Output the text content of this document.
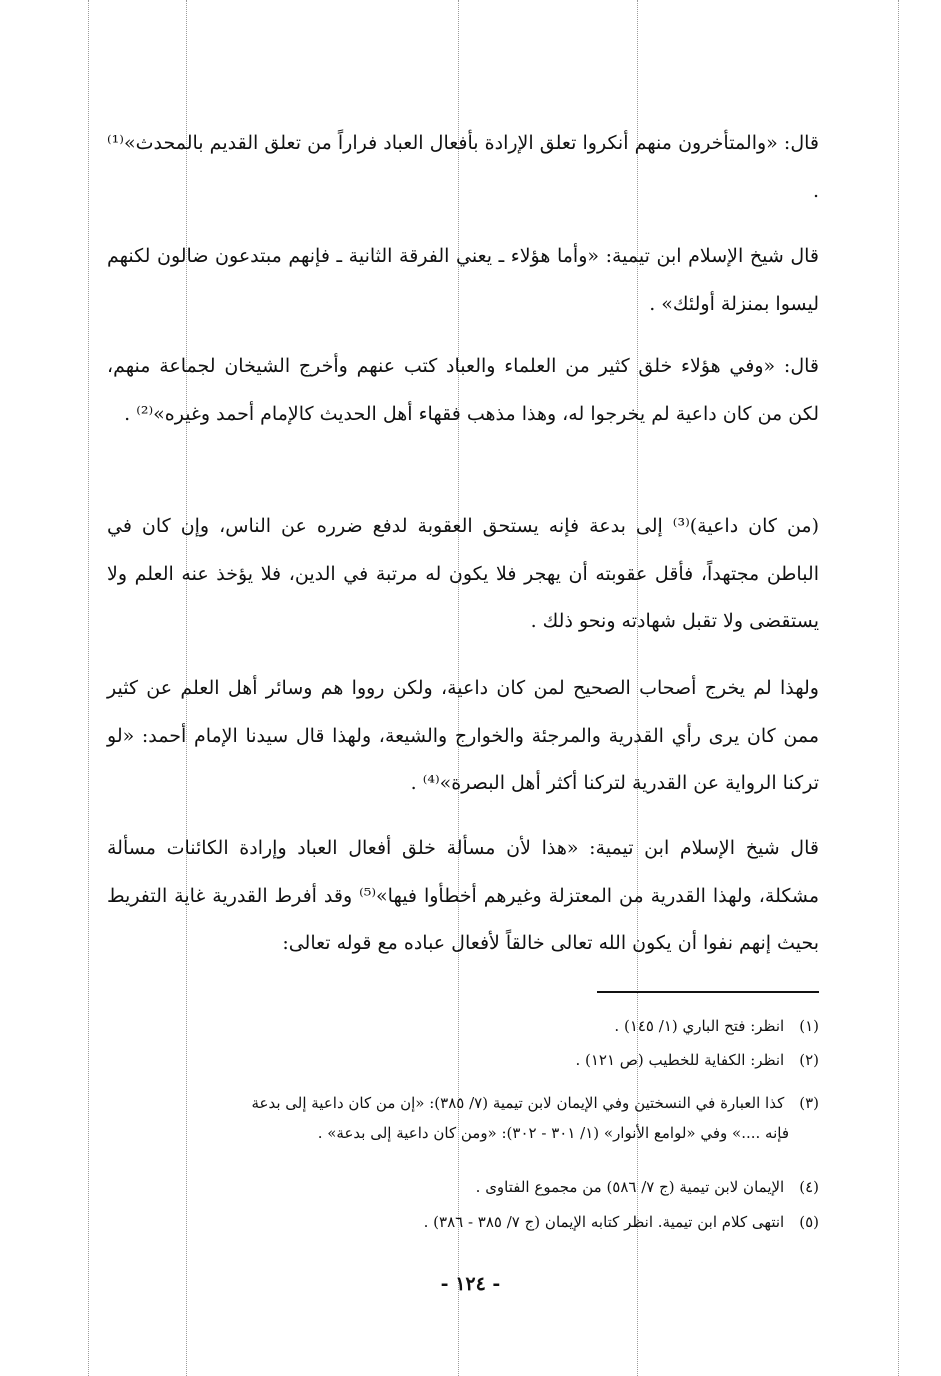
قال: «والمتأخرون منهم أنكروا تعلق الإرادة بأفعال العباد فراراً من تعلق القديم بالمحدث»⁽¹⁾ .

قال شيخ الإسلام ابن تيمية: «وأما هؤلاء ـ يعني الفرقة الثانية ـ فإنهم مبتدعون ضالون لكنهم ليسوا بمنزلة أولئك» .

قال: «وفي هؤلاء خلق كثير من العلماء والعباد كتب عنهم وأخرج الشيخان لجماعة منهم، لكن من كان داعية لم يخرجوا له، وهذا مذهب فقهاء أهل الحديث كالإمام أحمد وغيره»⁽²⁾ .

(من كان داعية)⁽³⁾ إلى بدعة فإنه يستحق العقوبة لدفع ضرره عن الناس، وإن كان في الباطن مجتهداً، فأقل عقوبته أن يهجر فلا يكون له مرتبة في الدين، فلا يؤخذ عنه العلم ولا يستقضى ولا تقبل شهادته ونحو ذلك .

ولهذا لم يخرج أصحاب الصحيح لمن كان داعية، ولكن رووا هم وسائر أهل العلم عن كثير ممن كان يرى رأي القدرية والمرجئة والخوارج والشيعة، ولهذا قال سيدنا الإمام أحمد: «لو تركنا الرواية عن القدرية لتركنا أكثر أهل البصرة»⁽⁴⁾ .

قال شيخ الإسلام ابن تيمية: «هذا لأن مسألة خلق أفعال العباد وإرادة الكائنات مسألة مشكلة، ولهذا القدرية من المعتزلة وغيرهم أخطأوا فيها»⁽⁵⁾ وقد أفرط القدرية غاية التفريط بحيث إنهم نفوا أن يكون الله تعالى خالقاً لأفعال عباده مع قوله تعالى:

(١) انظر: فتح الباري (١/ ١٤٥) .
(٢) انظر: الكفاية للخطيب (ص ١٢١) .
(٣) كذا العبارة في النسختين وفي الإيمان لابن تيمية (٧/ ٣٨٥): «إن من كان داعية إلى بدعة
فإنه ....» وفي «لوامع الأنوار» (١/ ٣٠١ - ٣٠٢): «ومن كان داعية إلى بدعة» .
(٤) الإيمان لابن تيمية (ج ٧/ ٥٨٦) من مجموع الفتاوى .
(٥) انتهى كلام ابن تيمية. انظر كتابه الإيمان (ج ٧/ ٣٨٥ - ٣٨٦) .
- ١٢٤ -
